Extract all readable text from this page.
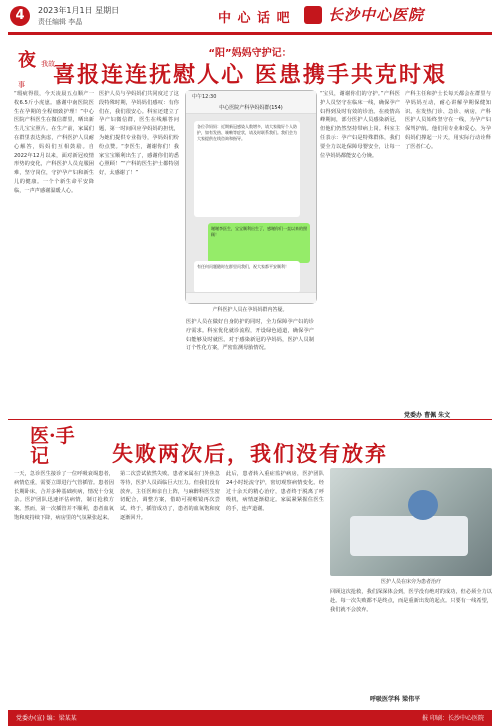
4	2023年1月1日 星期日
责任编辑 李晶	中 心 话 吧 长沙中心医院
夜 我故事
“阳”妈妈守护记：
喜报连连抚慰人心 医患携手共克时艰
“瑕疵得很，今天凌晨五点顺产一枚6.5斤小虎崽。感谢中南医院医生在孕期的全程细致护理！”中心医院产科医生在微信群里，晒出新生儿宝宝照片。在生产前，家属们在群里表达焦虑，产科医护人员耐心解答，妈妈们互相鼓励。自2022年12月以来，面对新冠疫情形势的变化，产科医护人员克服困难，坚守岗位，守护孕产妇和新生儿的健康。一个个新生命平安降临，一声声感谢温暖人心。
医护人员与孕妈妈们共同度过了这段特殊时期，孕妈妈们感叹：有你们在，我们很安心。科室还建立了孕产妇微信群，医生在线解答问题，第一时间回应孕妈妈的担忧，为她们提供专业指导，孕妈妈们纷纷点赞。“李医生，谢谢你们！我家宝宝顺利出生了，感谢你们的悉心照顾！”“产科的医生护士都特别好，太感谢了！”
中午12:30
中心医院产科孕妈妈群(154)
各位孕妈妈：近期新冠感染人数增多，请大家做好个人防护，如有发热、咳嗽等症状，请及时联系我们。我们会为大家提供在线咨询和指导。
谢谢李医生，宝宝顺利出生了，感谢你们一直以来的照顾！
有任何问题随时在群里问我们，祝大家都平安顺利！
产科医护人员在孕妈妈群内答疑。
医护人员在做好自身防护的同时，全力保障孕产妇的诊疗需求。科室优化就诊流程，开设绿色通道，确保孕产妇能够及时就医。对于感染新冠的孕妈妈，医护人员制订个性化方案，严密监测母胎情况。
“宝贝，谢谢你们的守护。”产科医护人员坚守在临床一线，确保孕产妇得到及时有效的诊治。在疫情高峰期间，部分医护人员感染新冠，但他们仍然坚持带病上岗。科室主任表示：孕产妇是特殊群体，我们要全力以赴保障母婴安全，让每一位孕妈妈都能安心分娩。
产科主任和护士长每天都会在群里与孕妈妈互动，耐心讲解孕期保健知识。在发热门诊、急诊、病房，产科医护人员始终坚守在一线，为孕产妇保驾护航。他们用专业和爱心，为孕妈妈们撑起一片天，用实际行动诠释了医者仁心。
党委办 曹佩 朱文
医·手记	失败两次后，我们没有放弃
一天，急诊医生接诊了一位呼吸衰竭患者，病情危重，需要立即进行气管插管。患者因长期卧床，合并多种基础疾病，情况十分复杂。医护团队迅速评估病情，制订抢救方案。然而，第一次插管并不顺利，患者血氧饱和度持续下降，病房里的气氛紧张起来。
第二次尝试依然失败。患者家属在门外焦急等待，医护人员面临巨大压力。但我们没有放弃。主任医师亲自上阵，与麻醉科医生密切配合，调整方案，借助可视喉镜再次尝试。终于，插管成功了，患者的血氧饱和度逐渐回升。
此后，患者转入重症监护病房，医护团队24小时轮流守护，密切观察病情变化。经过十余天的精心治疗，患者终于脱离了呼吸机，病情逐渐稳定。家属紧紧握住医生的手，连声道谢。
医护人员在床旁为患者治疗
回顾这次抢救，我们深深体会到，医学没有绝对的成功，但必须全力以赴。每一次失败都不是终点，而是重新出发的起点。只要有一线希望，我们就不会放弃。
呼吸医学科 梁伟平
党委办(宣) 编：梁某某	报 印刷：长沙中心医院
